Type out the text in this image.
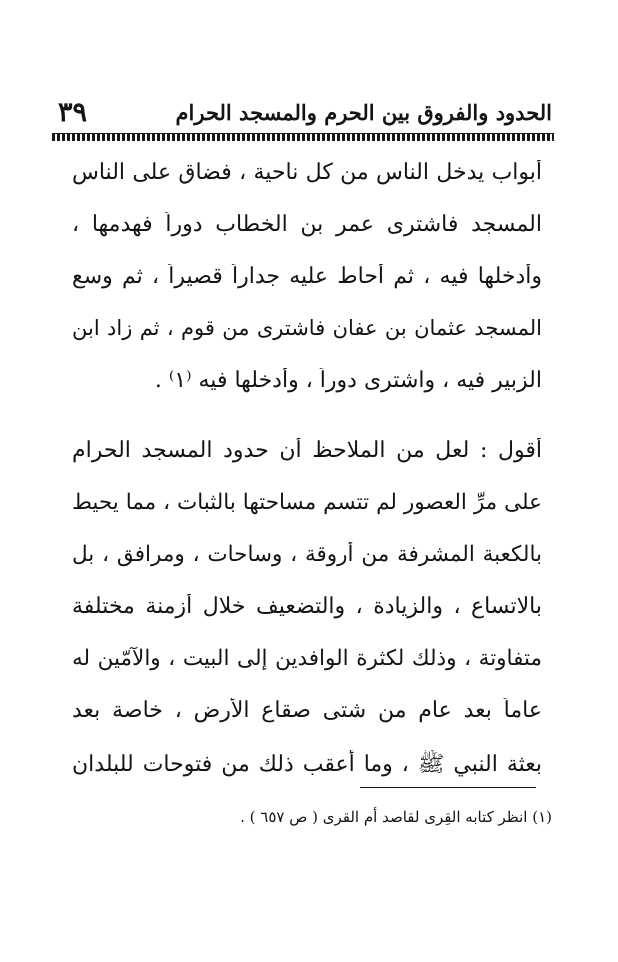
الحدود والفروق بين الحرم والمسجد الحرام
٣٩
أبواب يدخل الناس من كل ناحية ، فضاق على الناس
المسجد فاشترى عمر بن الخطاب دوراً فهدمها ،
وأدخلها فيه ، ثم أحاط عليه جداراً قصيراً ، ثم وسع
المسجد عثمان بن عفان فاشترى من قوم ، ثم زاد ابن
الزبير فيه ، واشترى دوراً ، وأدخلها فيه ⁽١⁾ .
أقول : لعل من الملاحظ أن حدود المسجد الحرام
على مرِّ العصور لم تتسم مساحتها بالثبات ، مما يحيط
بالكعبة المشرفة من أروقة ، وساحات ، ومرافق ، بل
بالاتساع ، والزيادة ، والتضعيف خلال أزمنة مختلفة
متفاوتة ، وذلك لكثرة الوافدين إلى البيت ، والآمّين له
عاماً بعد عام من شتى صقاع الأرض ، خاصة بعد
بعثة النبي ﷺ ، وما أعقب ذلك من فتوحات للبلدان
(١) انظر كتابه القِرى لقاصد أم القرى ( ص ٦٥٧ ) .
